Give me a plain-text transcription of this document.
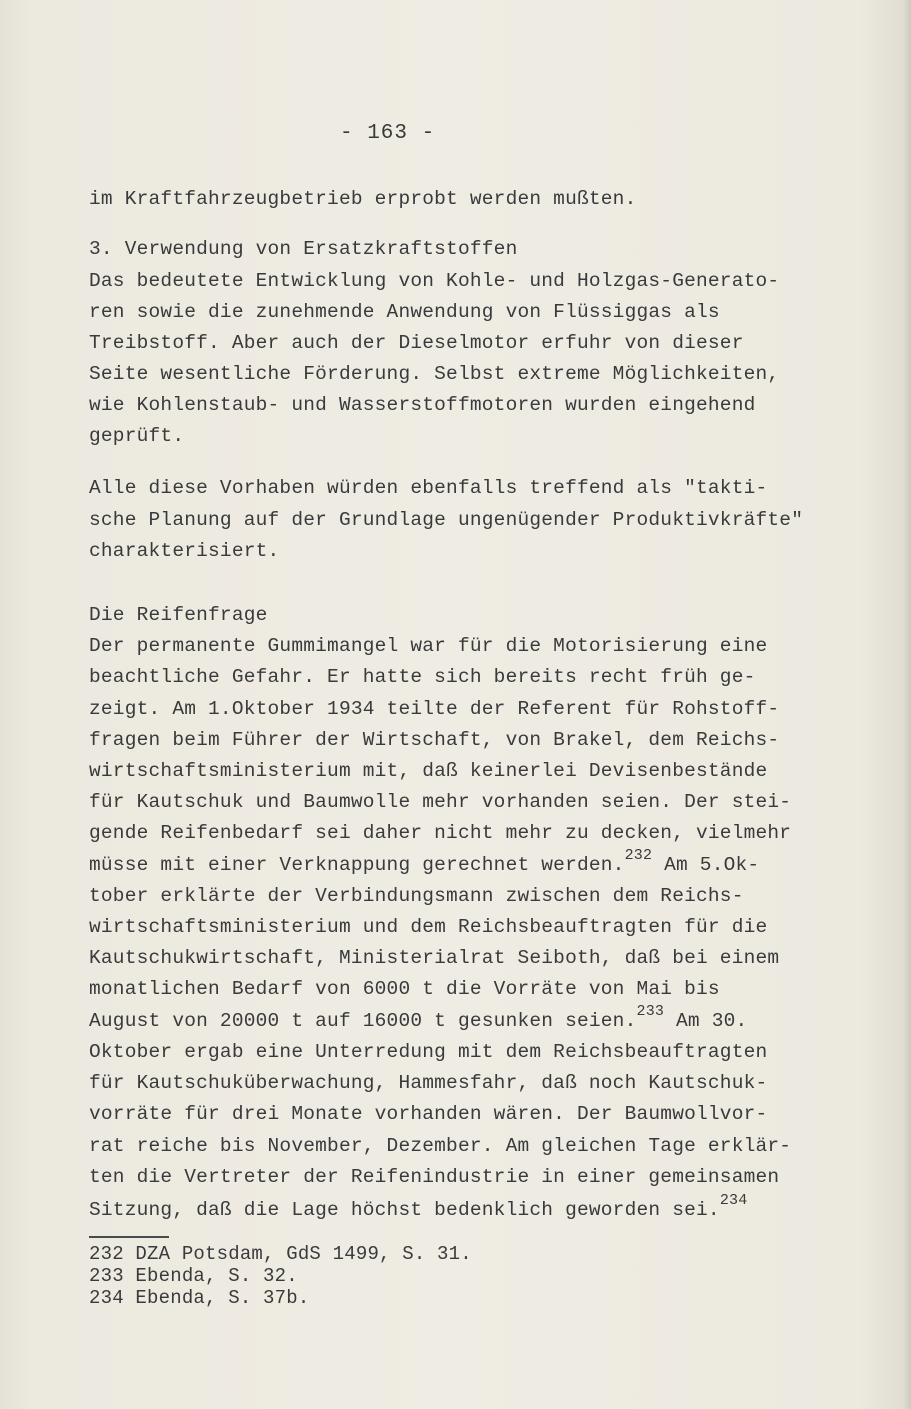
- 163 -
im Kraftfahrzeugbetrieb erprobt werden mußten.
3. Verwendung von Ersatzkraftstoffen
Das bedeutete Entwicklung von Kohle- und Holzgas-Generato-
ren sowie die zunehmende Anwendung von Flüssiggas als
Treibstoff. Aber auch der Dieselmotor erfuhr von dieser
Seite wesentliche Förderung. Selbst extreme Möglichkeiten,
wie Kohlenstaub- und Wasserstoffmotoren wurden eingehend
geprüft.
Alle diese Vorhaben würden ebenfalls treffend als "takti-
sche Planung auf der Grundlage ungenügender Produktivkräfte"
charakterisiert.
Die Reifenfrage
Der permanente Gummimangel war für die Motorisierung eine
beachtliche Gefahr. Er hatte sich bereits recht früh ge-
zeigt. Am 1.Oktober 1934 teilte der Referent für Rohstoff-
fragen beim Führer der Wirtschaft, von Brakel, dem Reichs-
wirtschaftsministerium mit, daß keinerlei Devisenbestände
für Kautschuk und Baumwolle mehr vorhanden seien. Der stei-
gende Reifenbedarf sei daher nicht mehr zu decken, vielmehr
müsse mit einer Verknappung gerechnet werden.$^{232}$ Am 5.Ok-
tober erklärte der Verbindungsmann zwischen dem Reichs-
wirtschaftsministerium und dem Reichsbeauftragten für die
Kautschukwirtschaft, Ministerialrat Seiboth, daß bei einem
monatlichen Bedarf von 6000 t die Vorräte von Mai bis
August von 20000 t auf 16000 t gesunken seien.$^{233}$ Am 30.
Oktober ergab eine Unterredung mit dem Reichsbeauftragten
für Kautschuküberwachung, Hammesfahr, daß noch Kautschuk-
vorräte für drei Monate vorhanden wären. Der Baumwollvor-
rat reiche bis November, Dezember. Am gleichen Tage erklär-
ten die Vertreter der Reifenindustrie in einer gemeinsamen
Sitzung, daß die Lage höchst bedenklich geworden sei.$^{234}$
232 DZA Potsdam, GdS 1499, S. 31.
233 Ebenda, S. 32.
234 Ebenda, S. 37b.
